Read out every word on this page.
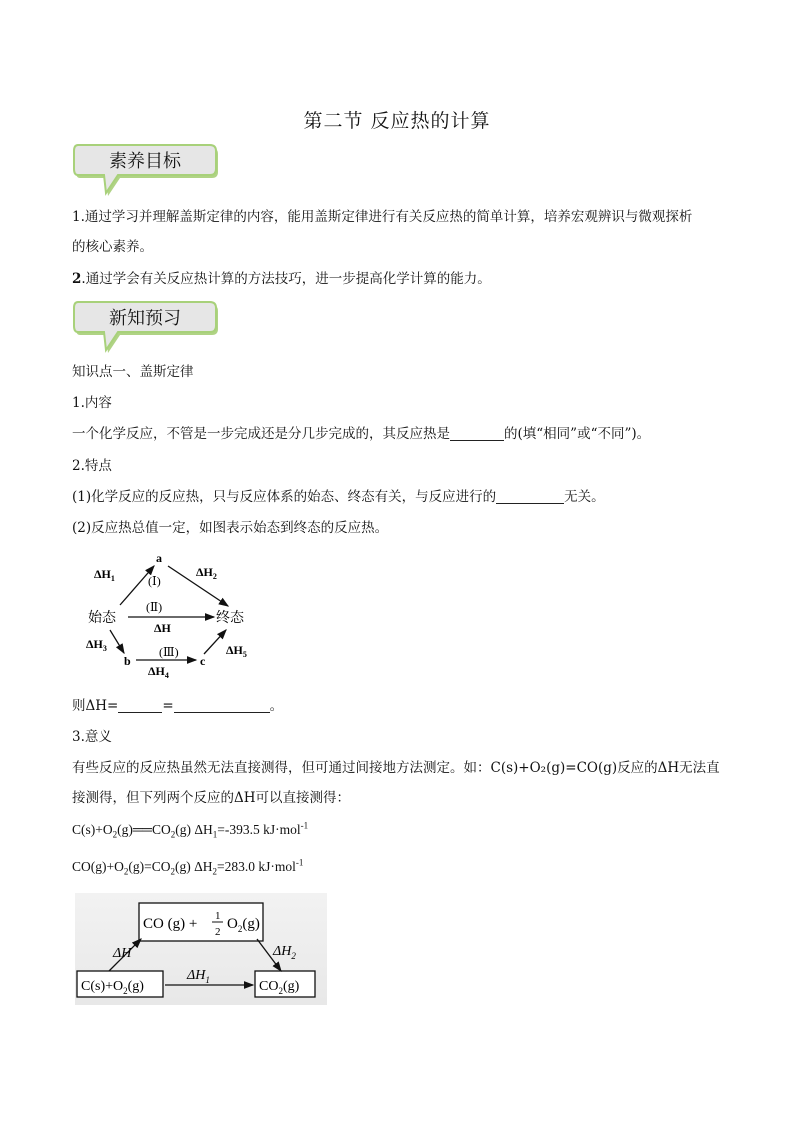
第二节 反应热的计算
素养目标
1.通过学习并理解盖斯定律的内容，能用盖斯定律进行有关反应热的简单计算，培养宏观辨识与微观探析
的核心素养。
2.通过学会有关反应热计算的方法技巧，进一步提高化学计算的能力。
新知预习
知识点一、盖斯定律
1.内容
一个化学反应，不管是一步完成还是分几步完成的，其反应热是	的(填“相同”或“不同”)。
2.特点
(1)化学反应的反应热，只与反应体系的始态、终态有关，与反应进行的	无关。
(2)反应热总值一定，如图表示始态到终态的反应热。
a
始态	终态
b	c
(Ⅰ)
(Ⅱ)
(Ⅲ)
$\Delta H_1$	$\Delta H_2$
ΔH
$\Delta H_3$
$\Delta H_4$
$\Delta H_5$
则ΔH=	=	。
3.意义
有些反应的反应热虽然无法直接测得，但可通过间接地方法测定。如：C(s)+O₂(g)=CO(g)反应的ΔH无法直
接测得，但下列两个反应的ΔH可以直接测得：
$C(s)+O_2(g)══CO_2(g)$ $\Delta H_1=-393.5$ kJ·mol$^{-1}$
$CO(g)+O_2(g)=CO_2(g)$ $\Delta H_2=283.0$ kJ·mol$^{-1}$
CO (g) + 1
2 $O_2(g)$
$C(s)+O_2(g)$	$CO_2(g)$
ΔH
$\Delta H_1$
$\Delta H_2$
